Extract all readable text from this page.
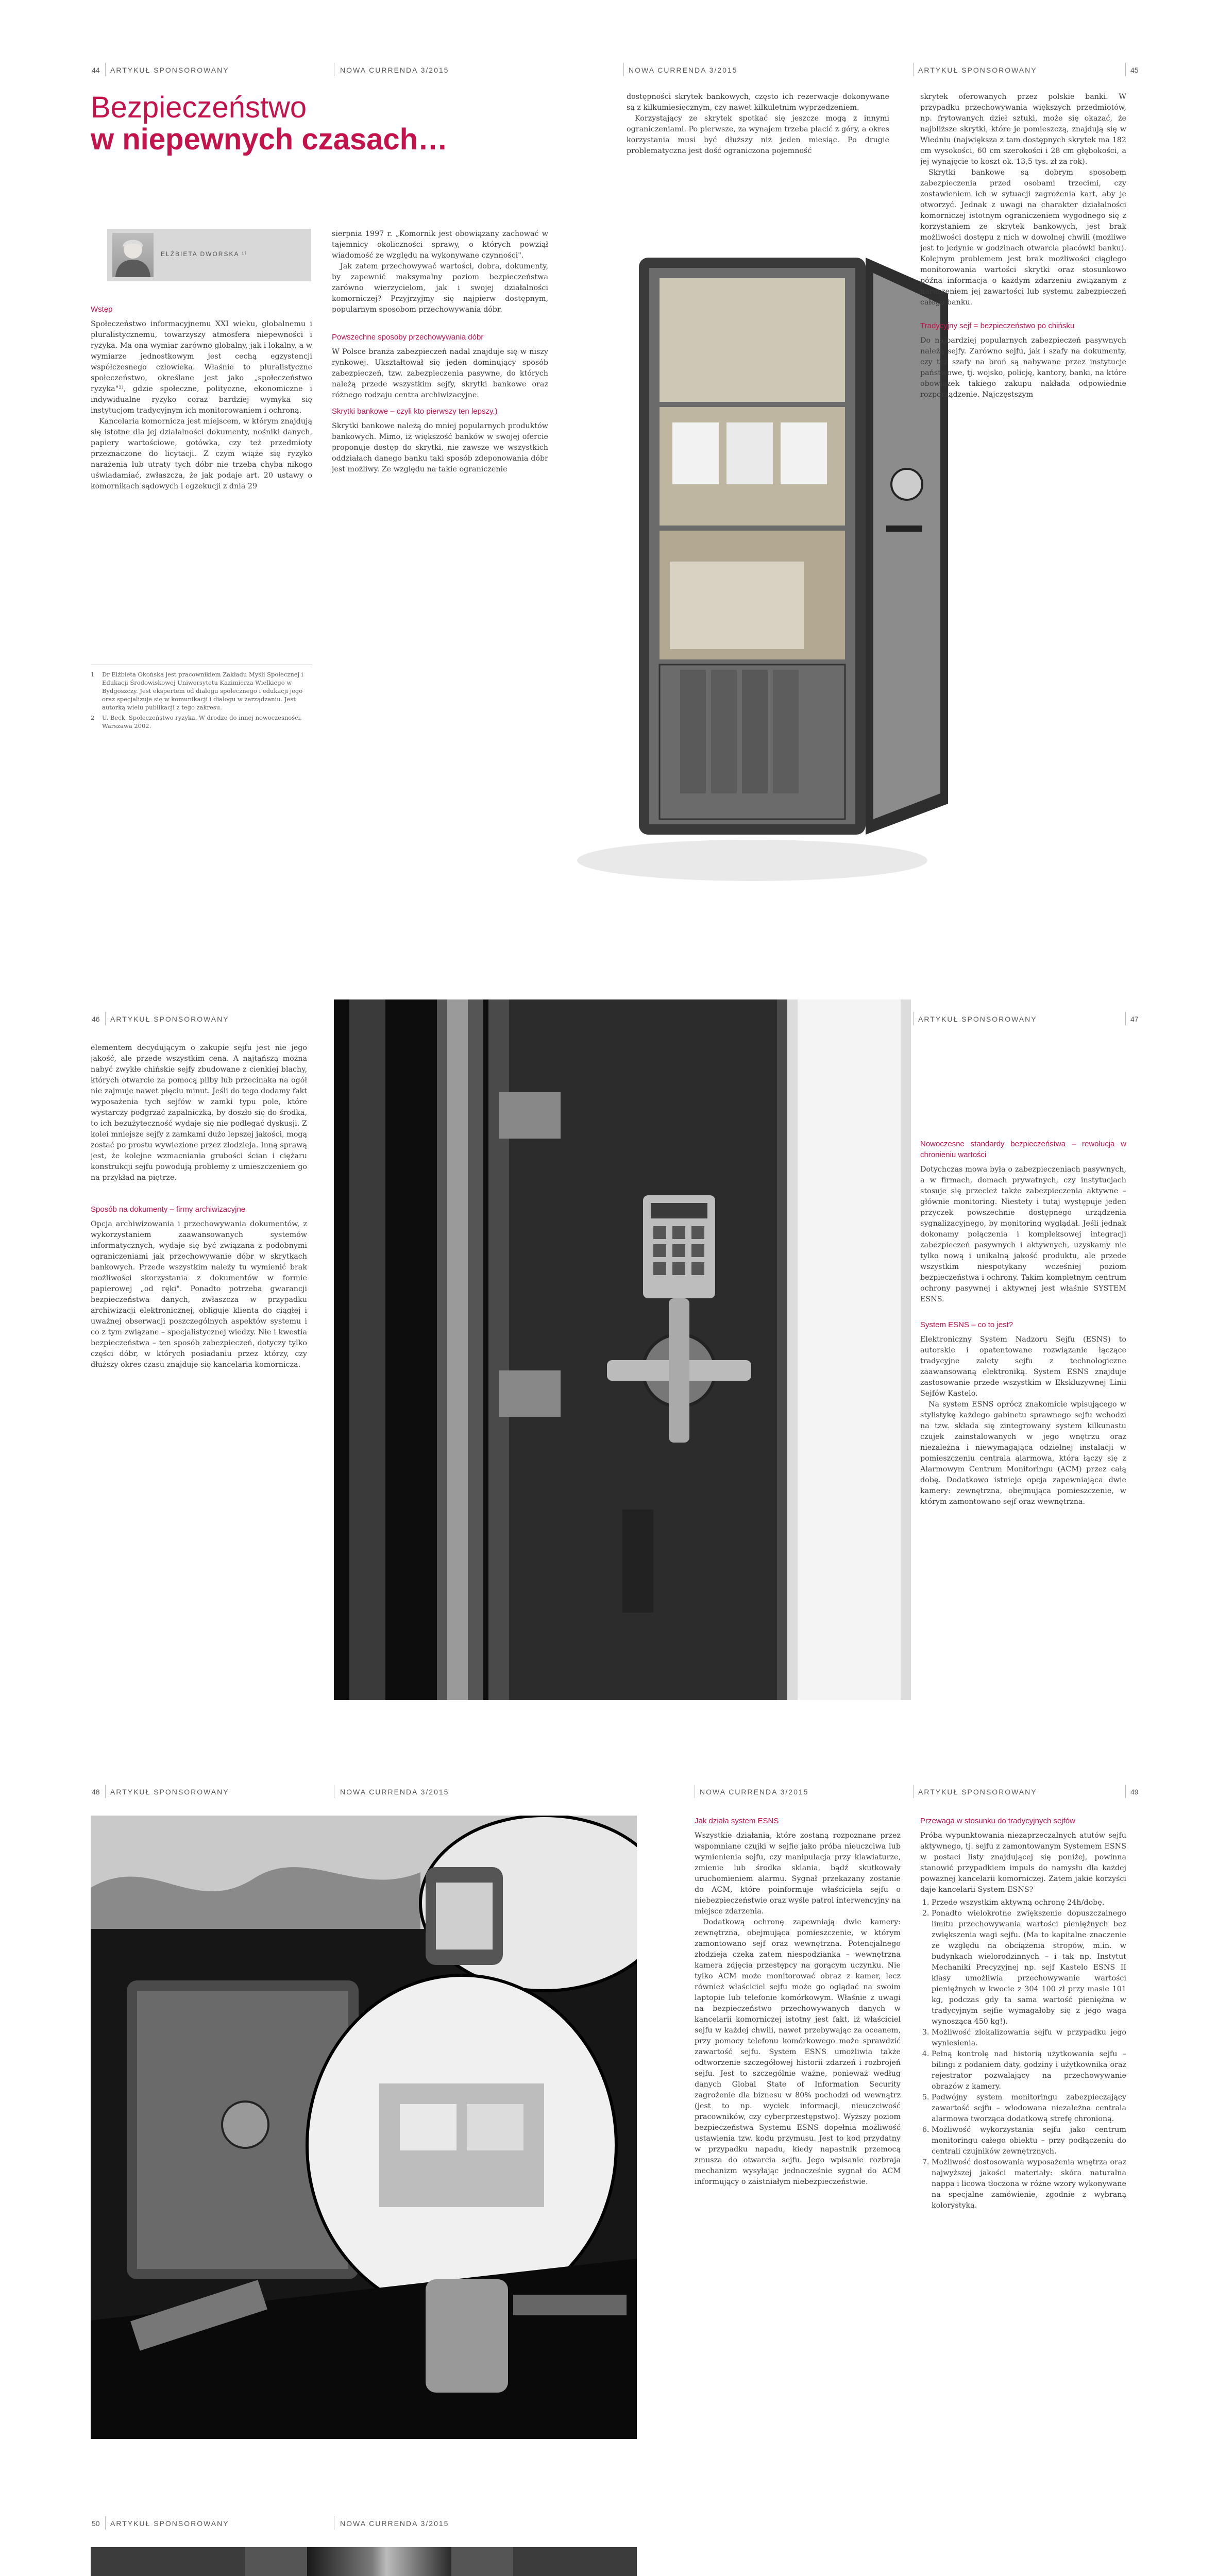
44 ARTYKUŁ SPONSOROWANY	NOWA CURRENDA 3/2015	NOWA CURRENDA 3/2015	ARTYKUŁ SPONSOROWANY	45
Bezpieczeństwo
w niepewnych czasach…
ELŻBIETA DWORSKA ¹⁾
Wstęp

Społeczeństwo informacyjnemu XXI wieku, globalnemu i pluralistycznemu, towarzyszy atmosfera niepewności i ryzyka. Ma ona wymiar zarówno globalny, jak i lokalny, a w wymiarze jednostkowym jest cechą egzystencji współczesnego człowieka. Właśnie to pluralistyczne społeczeństwo, określane jest jako „społeczeństwo ryzyka"²⁾, gdzie społeczne, polityczne, ekonomiczne i indywidualne ryzyko coraz bardziej wymyka się instytucjom tradycyjnym ich monitorowaniem i ochroną.

Kancelaria komornicza jest miejscem, w którym znajdują się istotne dla jej działalności dokumenty, nośniki danych, papiery wartościowe, gotówka, czy też przedmioty przeznaczone do licytacji. Z czym wiąże się ryzyko narażenia lub utraty tych dóbr nie trzeba chyba nikogo uświadamiać, zwłaszcza, że jak podaje art. 20 ustawy o komornikach sądowych i egzekucji z dnia 29

1 Dr Elżbieta Okońska jest pracownikiem Zakładu Myśli Społecznej i Edukacji Środowiskowej Uniwersytetu Kazimierza Wielkiego w Bydgoszczy. Jest ekspertem od dialogu społecznego i edukacji jego oraz specjalizuje się w komunikacji i dialogu w zarządzaniu. Jest autorką wielu publikacji z tego zakresu.
2 U. Beck, Społeczeństwo ryzyka. W drodze do innej nowoczesności, Warszawa 2002.

sierpnia 1997 r. „Komornik jest obowiązany zachować w tajemnicy okoliczności sprawy, o których powziął wiadomość ze względu na wykonywane czynności".

Jak zatem przechowywać wartości, dobra, dokumenty, by zapewnić maksymalny poziom bezpieczeństwa zarówno wierzycielom, jak i swojej działalności komorniczej? Przyjrzyjmy się najpierw dostępnym, popularnym sposobom przechowywania dóbr.

Powszechne sposoby przechowywania dóbr

W Polsce branża zabezpieczeń nadal znajduje się w niszy rynkowej. Ukształtował się jeden dominujący sposób zabezpieczeń, tzw. zabezpieczenia pasywne, do których należą przede wszystkim sejfy, skrytki bankowe oraz różnego rodzaju centra archiwizacyjne.

Skrytki bankowe – czyli kto pierwszy ten lepszy.)

Skrytki bankowe należą do mniej popularnych produktów bankowych. Mimo, iż większość banków w swojej ofercie proponuje dostęp do skrytki, nie zawsze we wszystkich oddziałach danego banku taki sposób zdeponowania dóbr jest możliwy. Ze względu na takie ograniczenie

dostępności skrytek bankowych, często ich rezerwacje dokonywane są z kilkumiesięcznym, czy nawet kilkuletnim wyprzedzeniem.

Korzystający ze skrytek spotkać się jeszcze mogą z innymi ograniczeniami. Po pierwsze, za wynajem trzeba płacić z góry, a okres korzystania musi być dłuższy niż jeden miesiąc. Po drugie problematyczna jest dość ograniczona pojemność

skrytek oferowanych przez polskie banki. W przypadku przechowywania większych przedmiotów, np. frytowanych dzieł sztuki, może się okazać, że najbliższe skrytki, które je pomieszczą, znajdują się w Wiedniu (największa z tam dostępnych skrytek ma 182 cm wysokości, 60 cm szerokości i 28 cm głębokości, a jej wynajęcie to koszt ok. 13,5 tys. zł za rok).

Skrytki bankowe są dobrym sposobem zabezpieczenia przed osobami trzecimi, czy zostawieniem ich w sytuacji zagrożenia kart, aby je otworzyć. Jednak z uwagi na charakter działalności komorniczej istotnym ograniczeniem wygodnego się z korzystaniem ze skrytek bankowych, jest brak możliwości dostępu z nich w dowolnej chwili (możliwe jest to jedynie w godzinach otwarcia placówki banku). Kolejnym problemem jest brak możliwości ciągłego monitorowania wartości skrytki oraz stosunkowo późna informacja o każdym zdarzeniu związanym z naruszeniem jej zawartości lub systemu zabezpieczeń całego banku.

Tradycyjny sejf = bezpieczeństwo po chińsku

Do najbardziej popularnych zabezpieczeń pasywnych należą sejfy. Zarówno sejfu, jak i szafy na dokumenty, czy też szafy na broń są nabywane przez instytucje państwowe, tj. wojsko, policję, kantory, banki, na które obowiązek takiego zakupu nakłada odpowiednie rozporządzenie. Najczęstszym

46 ARTYKUŁ SPONSOROWANY	ARTYKUŁ SPONSOROWANY	47

elementem decydującym o zakupie sejfu jest nie jego jakość, ale przede wszystkim cena. A najtańszą można nabyć zwykłe chińskie sejfy zbudowane z cienkiej blachy, których otwarcie za pomocą pilby lub przecinaka na ogół nie zajmuje nawet pięciu minut. Jeśli do tego dodamy fakt wyposażenia tych sejfów w zamki typu pole, które wystarczy podgrzać zapalniczką, by doszło się do środka, to ich bezużyteczność wydaje się nie podlegać dyskusji. Z kolei mniejsze sejfy z zamkami dużo lepszej jakości, mogą zostać po prostu wywiezione przez złodzieja. Inną sprawą jest, że kolejne wzmacniania grubości ścian i ciężaru konstrukcji sejfu powodują problemy z umieszczeniem go na przykład na piętrze.

Sposób na dokumenty – firmy archiwizacyjne

Opcja archiwizowania i przechowywania dokumentów, z wykorzystaniem zaawansowanych systemów informatycznych, wydaje się być związana z podobnymi ograniczeniami jak przechowywanie dóbr w skrytkach bankowych. Przede wszystkim należy tu wymienić brak możliwości skorzystania z dokumentów w formie papierowej „od ręki". Ponadto potrzeba gwarancji bezpieczeństwa danych, zwłaszcza w przypadku archiwizacji elektronicznej, obliguje klienta do ciągłej i uważnej obserwacji poszczególnych aspektów systemu i co z tym związane – specjalistycznej wiedzy. Nie i kwestia bezpieczeństwa – ten sposób zabezpieczeń, dotyczy tylko części dóbr, w których posiadaniu przez którzy, czy dłuższy okres czasu znajduje się kancelaria komornicza.

Nowoczesne standardy bezpieczeństwa – rewolucja w chronieniu wartości

Dotychczas mowa była o zabezpieczeniach pasywnych, a w firmach, domach prywatnych, czy instytucjach stosuje się przecież także zabezpieczenia aktywne – głównie monitoring. Niestety i tutaj występuje jeden przyczek powszechnie dostępnego urządzenia sygnalizacyjnego, by monitoring wyglądał. Jeśli jednak dokonamy połączenia i kompleksowej integracji zabezpieczeń pasywnych i aktywnych, uzyskamy nie tylko nową i unikalną jakość produktu, ale przede wszystkim niespotykany wcześniej poziom bezpieczeństwa i ochrony. Takim kompletnym centrum ochrony pasywnej i aktywnej jest właśnie SYSTEM ESNS.

System ESNS – co to jest?

Elektroniczny System Nadzoru Sejfu (ESNS) to autorskie i opatentowane rozwiązanie łączące tradycyjne zalety sejfu z technologiczne zaawansowaną elektroniką. System ESNS znajduje zastosowanie przede wszystkim w Ekskluzywnej Linii Sejfów Kastelo.

Na system ESNS oprócz znakomicie wpisującego w stylistykę każdego gabinetu sprawnego sejfu wchodzi na tzw. składa się zintegrowany system kilkunastu czujek zainstalowanych w jego wnętrzu oraz niezależna i niewymagająca odzielnej instalacji w pomieszczeniu centrala alarmowa, która łączy się z Alarmowym Centrum Monitoringu (ACM) przez całą dobę. Dodatkowo istnieje opcja zapewniająca dwie kamery: zewnętrzna, obejmująca pomieszczenie, w którym zamontowano sejf oraz wewnętrzna.

48 ARTYKUŁ SPONSOROWANY	NOWA CURRENDA 3/2015	NOWA CURRENDA 3/2015	ARTYKUŁ SPONSOROWANY	49
Jak działa system ESNS

Wszystkie działania, które zostaną rozpoznane przez wspomniane czujki w sejfie jako próba nieuczciwa lub wymienienia sejfu, czy manipulacja przy klawiaturze, zmienie lub środka sklania, bądź skutkowały uruchomieniem alarmu. Sygnał przekazany zostanie do ACM, które poinformuje właściciela sejfu o niebezpieczeństwie oraz wyśle patrol interwencyjny na miejsce zdarzenia.

Dodatkową ochronę zapewniają dwie kamery: zewnętrzna, obejmująca pomieszczenie, w którym zamontowano sejf oraz wewnętrzna. Potencjalnego złodzieja czeka zatem niespodzianka – wewnętrzna kamera zdjęcia przestępcy na gorącym uczynku. Nie tylko ACM może monitorować obraz z kamer, lecz również właściciel sejfu może go oglądać na swoim laptopie lub telefonie komórkowym. Właśnie z uwagi na bezpieczeństwo przechowywanych danych w kancelarii komorniczej istotny jest fakt, iż właściciel sejfu w każdej chwili, nawet przebywając za oceanem, przy pomocy telefonu komórkowego może sprawdzić zawartość sejfu. System ESNS umożliwia także odtworzenie szczegółowej historii zdarzeń i rozbrojeń sejfu. Jest to szczególnie ważne, ponieważ według danych Global State of Information Security zagrożenie dla biznesu w 80% pochodzi od wewnątrz (jest to np. wyciek informacji, nieuczciwość pracowników, czy cyberprzestępstwo). Wyższy poziom bezpieczeństwa Systemu ESNS dopełnia możliwość ustawienia tzw. kodu przymusu. Jest to kod przydatny w przypadku napadu, kiedy napastnik przemocą zmusza do otwarcia sejfu. Jego wpisanie rozbraja mechanizm wysyłając jednocześnie sygnał do ACM informujący o zaistniałym niebezpieczeństwie.

Przewaga w stosunku do tradycyjnych sejfów

Próba wypunktowania niezaprzeczalnych atutów sejfu aktywnego, tj. sejfu z zamontowanym Systemem ESNS w postaci listy znajdującej się poniżej, powinna stanowić przypadkiem impuls do namysłu dla każdej powaznej kancelarii komorniczej. Zatem jakie korzyści daje kancelarii System ESNS?

1. Przede wszystkim aktywną ochronę 24h/dobę.
2. Ponadto wielokrotne zwiększenie dopuszczalnego limitu przechowywania wartości pieniężnych bez zwiększenia wagi sejfu. (Ma to kapitalne znaczenie ze względu na obciążenia stropów, m.in. w budynkach wielorodzinnych – i tak np. Instytut Mechaniki Precyzyjnej np. sejf Kastelo ESNS II klasy umożliwia przechowywanie wartości pieniężnych w kwocie z 304 100 zł przy masie 101 kg, podczas gdy ta sama wartość pieniężna w tradycyjnym sejfie wymagałoby się z jego waga wynosząca 450 kg!).
3. Możliwość zlokalizowania sejfu w przypadku jego wyniesienia.
4. Pełną kontrolę nad historią użytkowania sejfu – bilingi z podaniem daty, godziny i użytkownika oraz rejestrator pozwalający na przechowywanie obrazów z kamery.
5. Podwójny system monitoringu zabezpieczający zawartość sejfu – włodowana niezależna centrala alarmowa tworząca dodatkową strefę chronioną.
6. Możliwość wykorzystania sejfu jako centrum monitoringu całego obiektu – przy podłączeniu do centrali czujników zewnętrznych.
7. Możliwość dostosowania wyposażenia wnętrza oraz najwyższej jakości materiały: skóra naturalna nappa i licowa tłoczona w różne wzory wykonywane na specjalne zamówienie, zgodnie z wybraną kolorystyką.
50 ARTYKUŁ SPONSOROWANY	NOWA CURRENDA 3/2015
